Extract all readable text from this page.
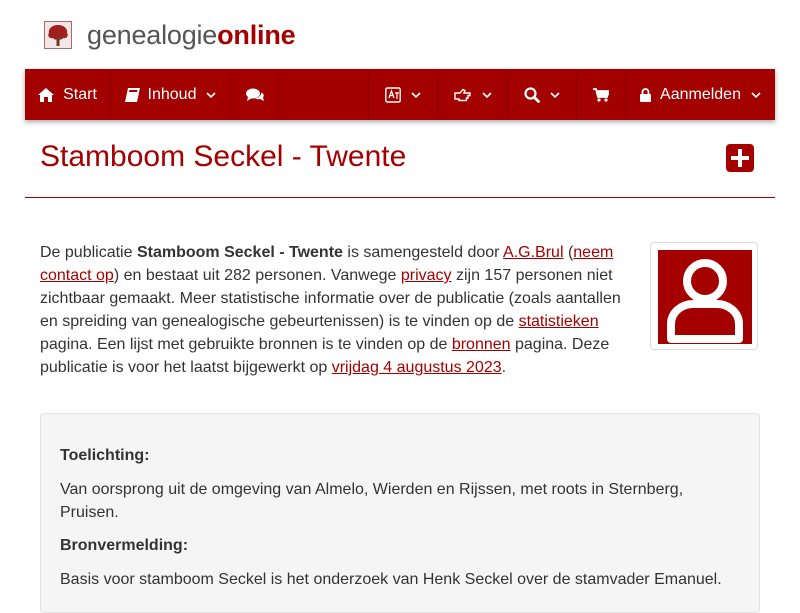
genealogieonline
Start	Inhoud	Aanmelden
Stamboom Seckel - Twente
De publicatie Stamboom Seckel - Twente is samengesteld door A.G.Brul (neem contact op) en bestaat uit 282 personen. Vanwege privacy zijn 157 personen niet zichtbaar gemaakt. Meer statistische informatie over de publicatie (zoals aantallen en spreiding van genealogische gebeurtenissen) is te vinden op de statistieken pagina. Een lijst met gebruikte bronnen is te vinden op de bronnen pagina. Deze publicatie is voor het laatst bijgewerkt op vrijdag 4 augustus 2023.

Toelichting:

Van oorsprong uit de omgeving van Almelo, Wierden en Rijssen, met roots in Sternberg, Pruisen.

Bronvermelding:

Basis voor stamboom Seckel is het onderzoek van Henk Seckel over de stamvader Emanuel.
